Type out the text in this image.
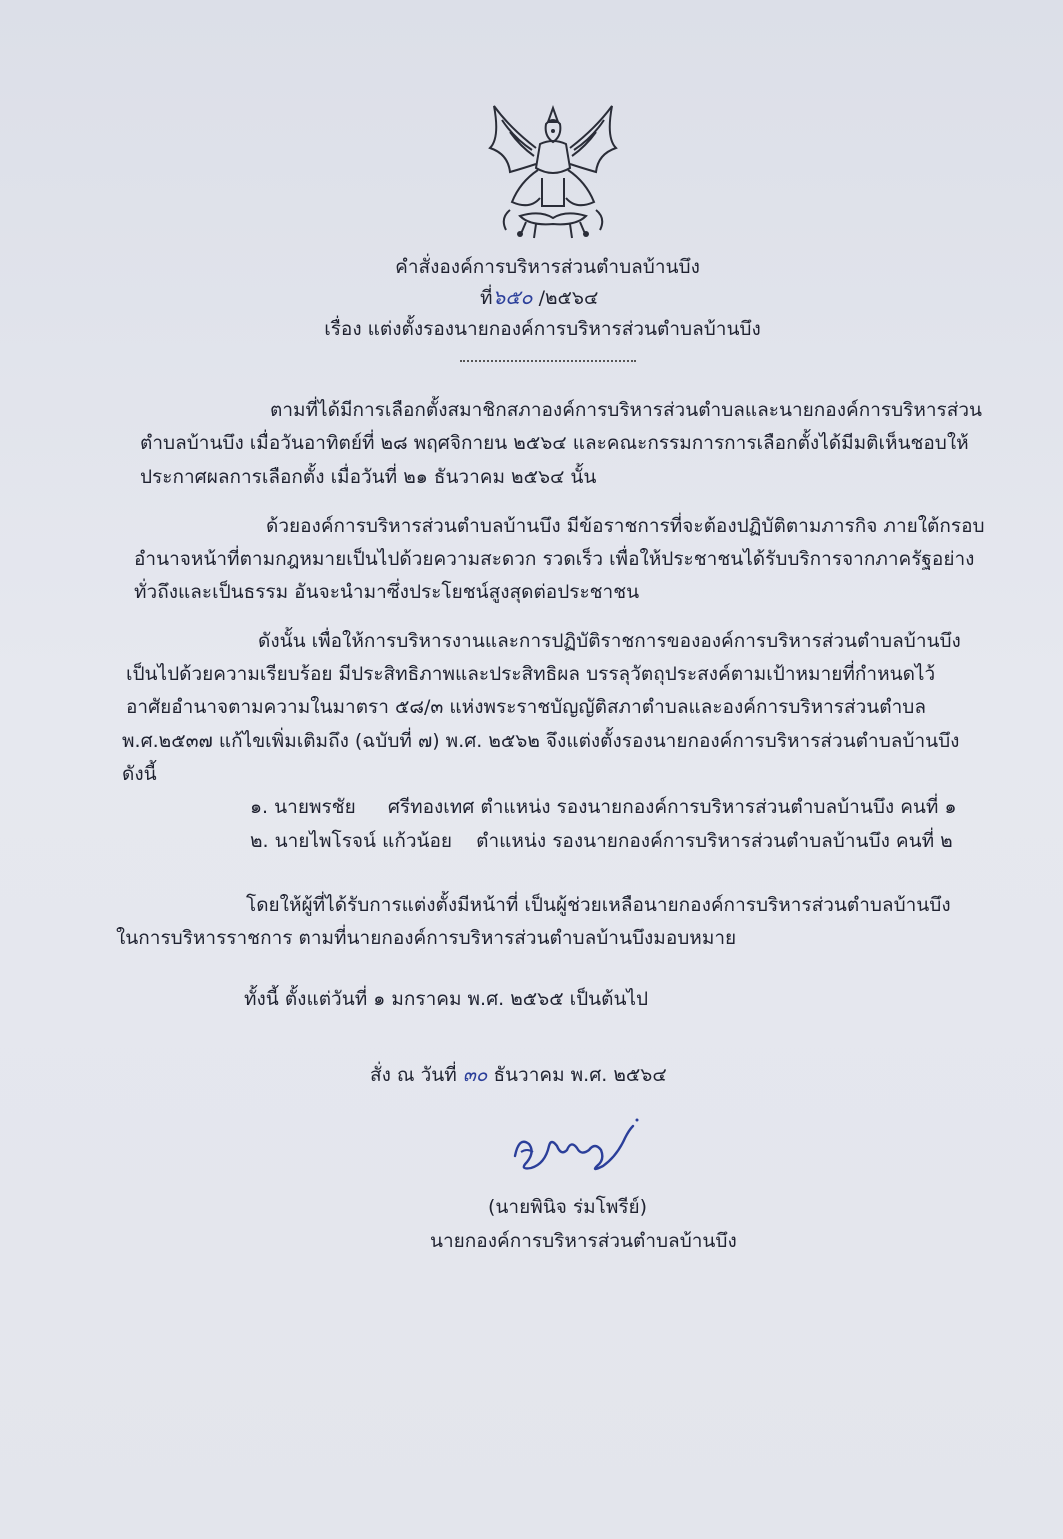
คำสั่งองค์การบริหารส่วนตำบลบ้านบึง
ที่๖๕๐ /๒๕๖๔
เรื่อง แต่งตั้งรองนายกองค์การบริหารส่วนตำบลบ้านบึง
ตามที่ได้มีการเลือกตั้งสมาชิกสภาองค์การบริหารส่วนตำบลและนายกองค์การบริหารส่วน
ตำบลบ้านบึง เมื่อวันอาทิตย์ที่ ๒๘ พฤศจิกายน ๒๕๖๔ และคณะกรรมการการเลือกตั้งได้มีมติเห็นชอบให้
ประกาศผลการเลือกตั้ง เมื่อวันที่ ๒๑ ธันวาคม ๒๕๖๔ นั้น
ด้วยองค์การบริหารส่วนตำบลบ้านบึง มีข้อราชการที่จะต้องปฏิบัติตามภารกิจ ภายใต้กรอบ
อำนาจหน้าที่ตามกฎหมายเป็นไปด้วยความสะดวก รวดเร็ว เพื่อให้ประชาชนได้รับบริการจากภาครัฐอย่าง
ทั่วถึงและเป็นธรรม อันจะนำมาซึ่งประโยชน์สูงสุดต่อประชาชน
ดังนั้น เพื่อให้การบริหารงานและการปฏิบัติราชการขององค์การบริหารส่วนตำบลบ้านบึง
เป็นไปด้วยความเรียบร้อย มีประสิทธิภาพและประสิทธิผล บรรลุวัตถุประสงค์ตามเป้าหมายที่กำหนดไว้
อาศัยอำนาจตามความในมาตรา ๕๘/๓ แห่งพระราชบัญญัติสภาตำบลและองค์การบริหารส่วนตำบล
พ.ศ.๒๕๓๗ แก้ไขเพิ่มเติมถึง (ฉบับที่ ๗) พ.ศ. ๒๕๖๒ จึงแต่งตั้งรองนายกองค์การบริหารส่วนตำบลบ้านบึง
ดังนี้
๑. นายพรชัย ศรีทองเทศ ตำแหน่ง รองนายกองค์การบริหารส่วนตำบลบ้านบึง คนที่ ๑
๒. นายไพโรจน์ แก้วน้อย ตำแหน่ง รองนายกองค์การบริหารส่วนตำบลบ้านบึง คนที่ ๒
โดยให้ผู้ที่ได้รับการแต่งตั้งมีหน้าที่ เป็นผู้ช่วยเหลือนายกองค์การบริหารส่วนตำบลบ้านบึง
ในการบริหารราชการ ตามที่นายกองค์การบริหารส่วนตำบลบ้านบึงมอบหมาย
ทั้งนี้ ตั้งแต่วันที่ ๑ มกราคม พ.ศ. ๒๕๖๕ เป็นต้นไป
สั่ง ณ วันที่ ๓๐ ธันวาคม พ.ศ. ๒๕๖๔
(นายพินิจ ร่มโพรีย์)
นายกองค์การบริหารส่วนตำบลบ้านบึง
